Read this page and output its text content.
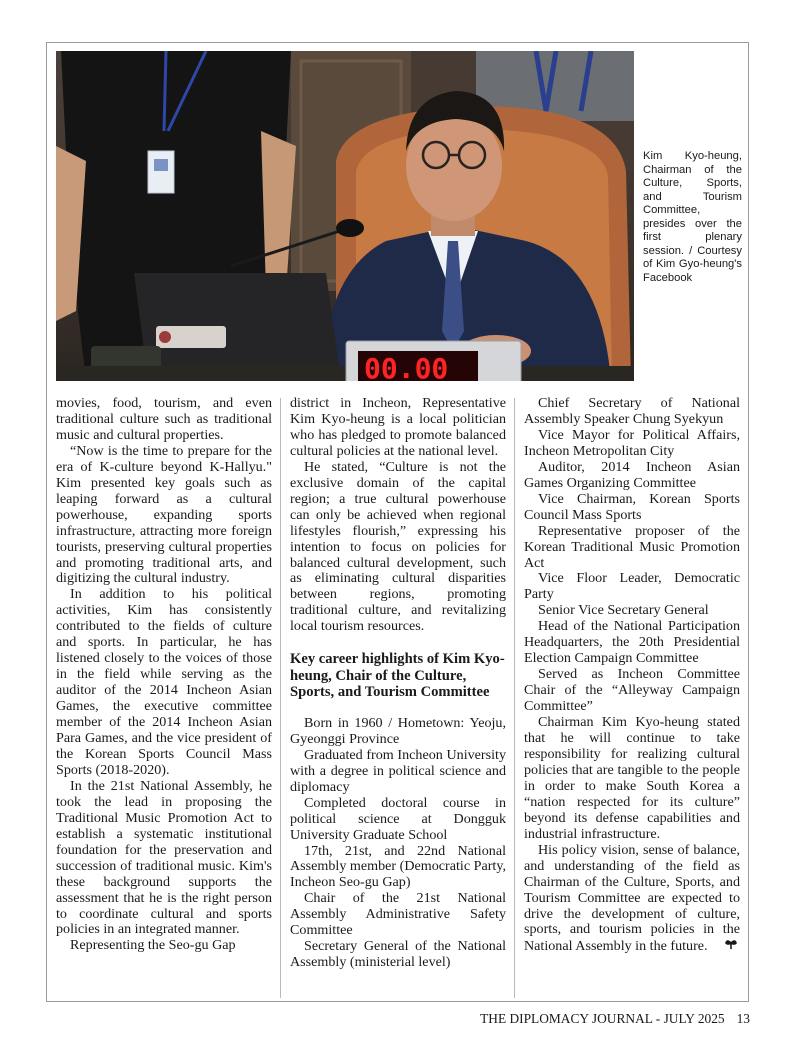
00.00
Kim Kyo-heung, Chairman of the Culture, Sports, and Tourism Committee, presides over the first plenary session. / Courtesy of Kim Gyo-heung's Facebook

movies, food, tourism, and even traditional culture such as traditional music and cultural properties.

“Now is the time to prepare for the era of K-culture beyond K-Hallyu." Kim presented key goals such as leaping forward as a cultural powerhouse, expanding sports infrastructure, attracting more foreign tourists, preserving cultural properties and promoting traditional arts, and digitizing the cultural industry.

In addition to his political activities, Kim has consistently contributed to the fields of culture and sports. In particular, he has listened closely to the voices of those in the field while serving as the auditor of the 2014 Incheon Asian Games, the executive committee member of the 2014 Incheon Asian Para Games, and the vice president of the Korean Sports Council Mass Sports (2018-2020).

In the 21st National Assembly, he took the lead in proposing the Traditional Music Promotion Act to establish a systematic institutional foundation for the preservation and succession of traditional music. Kim's these background supports the assessment that he is the right person to coordinate cultural and sports policies in an integrated manner.

Representing the Seo-gu Gap

district in Incheon, Representative Kim Kyo-heung is a local politician who has pledged to promote balanced cultural policies at the national level.

He stated, “Culture is not the exclusive domain of the capital region; a true cultural powerhouse can only be achieved when regional lifestyles flourish,” expressing his intention to focus on policies for balanced cultural development, such as eliminating cultural disparities between regions, promoting traditional culture, and revitalizing local tourism resources.

Key career highlights of Kim Kyo-heung, Chair of the Culture, Sports, and Tourism Committee

Born in 1960 / Hometown: Yeoju, Gyeonggi Province

Graduated from Incheon University with a degree in political science and diplomacy

Completed doctoral course in political science at Dongguk University Graduate School

17th, 21st, and 22nd National Assembly member (Democratic Party, Incheon Seo-gu Gap)

Chair of the 21st National Assembly Administrative Safety Committee

Secretary General of the National Assembly (ministerial level)

Chief Secretary of National Assembly Speaker Chung Syekyun

Vice Mayor for Political Affairs, Incheon Metropolitan City

Auditor, 2014 Incheon Asian Games Organizing Committee

Vice Chairman, Korean Sports Council Mass Sports

Representative proposer of the Korean Traditional Music Promotion Act

Vice Floor Leader, Democratic Party

Senior Vice Secretary General

Head of the National Participation Headquarters, the 20th Presidential Election Campaign Committee

Served as Incheon Committee Chair of the “Alleyway Campaign Committee”

Chairman Kim Kyo-heung stated that he will continue to take responsibility for realizing cultural policies that are tangible to the people in order to make South Korea a “nation respected for its culture” beyond its defense capabilities and industrial infrastructure.

His policy vision, sense of balance, and understanding of the field as Chairman of the Culture, Sports, and Tourism Committee are expected to drive the development of culture, sports, and tourism policies in the National Assembly in the future.

THE DIPLOMACY JOURNAL - JULY 2025 13
